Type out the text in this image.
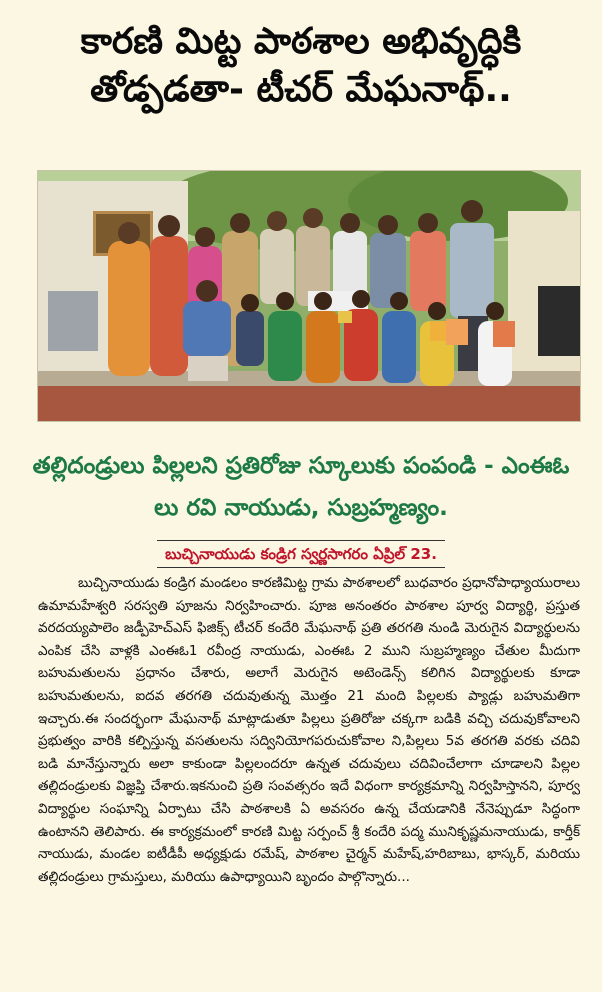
కారణి మిట్ట పాఠశాల అభివృద్ధికి తోడ్పడతా- టీచర్ మేఘనాథ్..
తల్లిదండ్రులు పిల్లలని ప్రతిరోజు స్కూలుకు పంపండి - ఎంఈఓ లు రవి నాయుడు, సుబ్రహ్మణ్యం.
బుచ్చినాయుడు కండ్రిగ స్వర్ణసాగరం ఏప్రిల్ 23.

బుచ్చినాయుడు కండ్రిగ మండలం కారణిమిట్ట గ్రామ పాఠశాలలో బుధవారం ప్రధానోపాధ్యాయురాలు ఉమామహేశ్వరి సరస్వతి పూజను నిర్వహించారు. పూజ అనంతరం పాఠశాల పూర్వ విద్యార్థి, ప్రస్తుత వరదయ్యపాలెం జడ్పీహెచ్ఎస్ ఫిజిక్స్ టీచర్ కందేరి మేఘనాథ్ ప్రతి తరగతి నుండి మెరుగైన విద్యార్థులను ఎంపిక చేసి వాళ్లకి ఎంఈఓ1 రవీంద్ర నాయుడు, ఎంఈఓ 2 ముని సుబ్రహ్మణ్యం చేతుల మీదుగా బహుమతులను ప్రధానం చేశారు, అలాగే మెరుగైన అటెండెన్స్ కలిగిన విద్యార్థులకు కూడా బహుమతులను, ఐదవ తరగతి చదువుతున్న మొత్తం 21 మంది పిల్లలకు ప్యాడ్లు బహుమతిగా ఇచ్చారు.ఈ సందర్భంగా మేఘనాథ్ మాట్లాడుతూ పిల్లలు ప్రతిరోజు చక్కగా బడికి వచ్చి చదువుకోవాలని ప్రభుత్వం వారికి కల్పిస్తున్న వసతులను సద్వినియోగపరుచుకోవాల ని,పిల్లలు 5వ తరగతి వరకు చదివి బడి మానేస్తున్నారు అలా కాకుండా పిల్లలందరూ ఉన్నత చదువులు చదివించేలాగా చూడాలని పిల్లల తల్లిదండ్రులకు విజ్ఞప్తి చేశారు.ఇకనుంచి ప్రతి సంవత్సరం ఇదే విధంగా కార్యక్రమాన్ని నిర్వహిస్తానని, పూర్వ విద్యార్థుల సంఘాన్ని ఏర్పాటు చేసి పాఠశాలకి ఏ అవసరం ఉన్న చేయడానికి నేనెప్పుడూ సిద్ధంగా ఉంటానని తెలిపారు. ఈ కార్యక్రమంలో కారణి మిట్ట సర్పంచ్ శ్రీ కందేరి పద్మ మునికృష్ణమనాయుడు, కార్తీక్ నాయుడు, మండల ఐటీడీపీ అధ్యక్షుడు రమేష్, పాఠశాల చైర్మన్ మహేష్,హరిబాబు, భాస్కర్, మరియు తల్లిదండ్రులు గ్రామస్తులు, మరియు ఉపాధ్యాయిని బృందం పాల్గొన్నారు...
